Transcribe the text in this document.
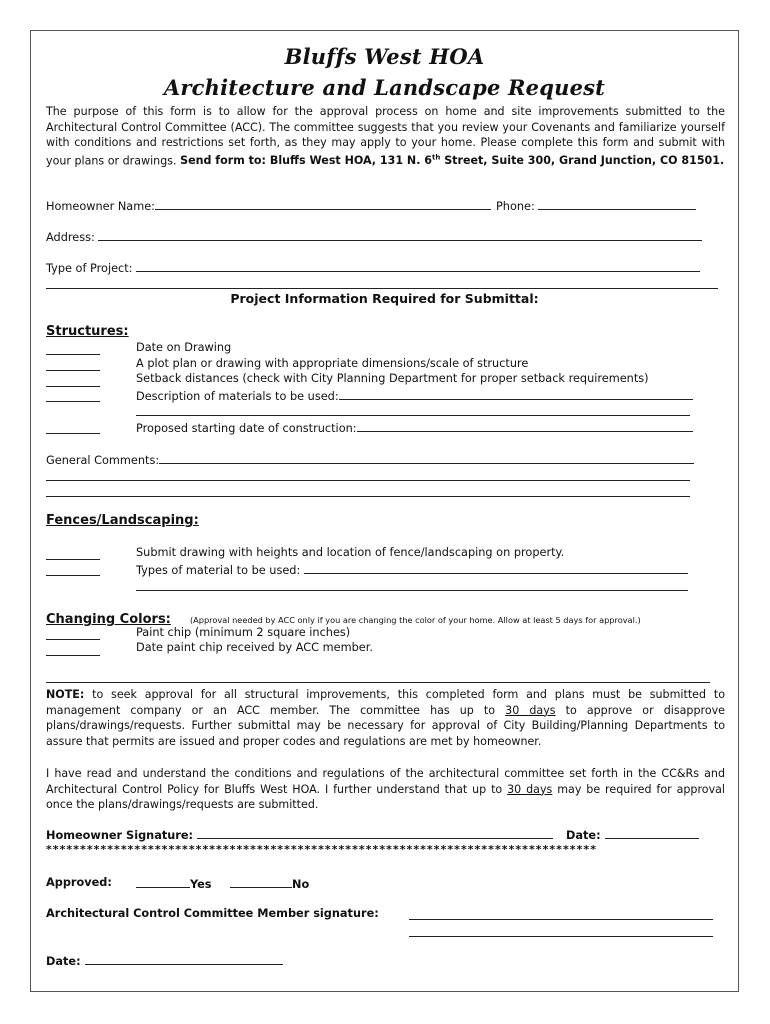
Bluffs West HOA
Architecture and Landscape Request
The purpose of this form is to allow for the approval process on home and site improvements submitted to the Architectural Control Committee (ACC). The committee suggests that you review your Covenants and familiarize yourself with conditions and restrictions set forth, as they may apply to your home. Please complete this form and submit with your plans or drawings. Send form to: Bluffs West HOA, 131 N. 6th Street, Suite 300, Grand Junction, CO 81501.
Homeowner Name:	Phone:
Address:
Type of Project:
Project Information Required for Submittal:
Structures:
Date on Drawing
A plot plan or drawing with appropriate dimensions/scale of structure
Setback distances (check with City Planning Department for proper setback requirements)
Description of materials to be used:
Proposed starting date of construction:
General Comments:
Fences/Landscaping:
Submit drawing with heights and location of fence/landscaping on property.
Types of material to be used:
Changing Colors: (Approval needed by ACC only if you are changing the color of your home. Allow at least 5 days for approval.)
Paint chip (minimum 2 square inches)
Date paint chip received by ACC member.
NOTE: to seek approval for all structural improvements, this completed form and plans must be submitted to management company or an ACC member. The committee has up to 30 days to approve or disapprove plans/drawings/requests. Further submittal may be necessary for approval of City Building/Planning Departments to assure that permits are issued and proper codes and regulations are met by homeowner.
I have read and understand the conditions and regulations of the architectural committee set forth in the CC&Rs and Architectural Control Policy for Bluffs West HOA. I further understand that up to 30 days may be required for approval once the plans/drawings/requests are submitted.
Homeowner Signature:	Date:
*********************************************************************************
Approved:	Yes	No
Architectural Control Committee Member signature:
Date:
